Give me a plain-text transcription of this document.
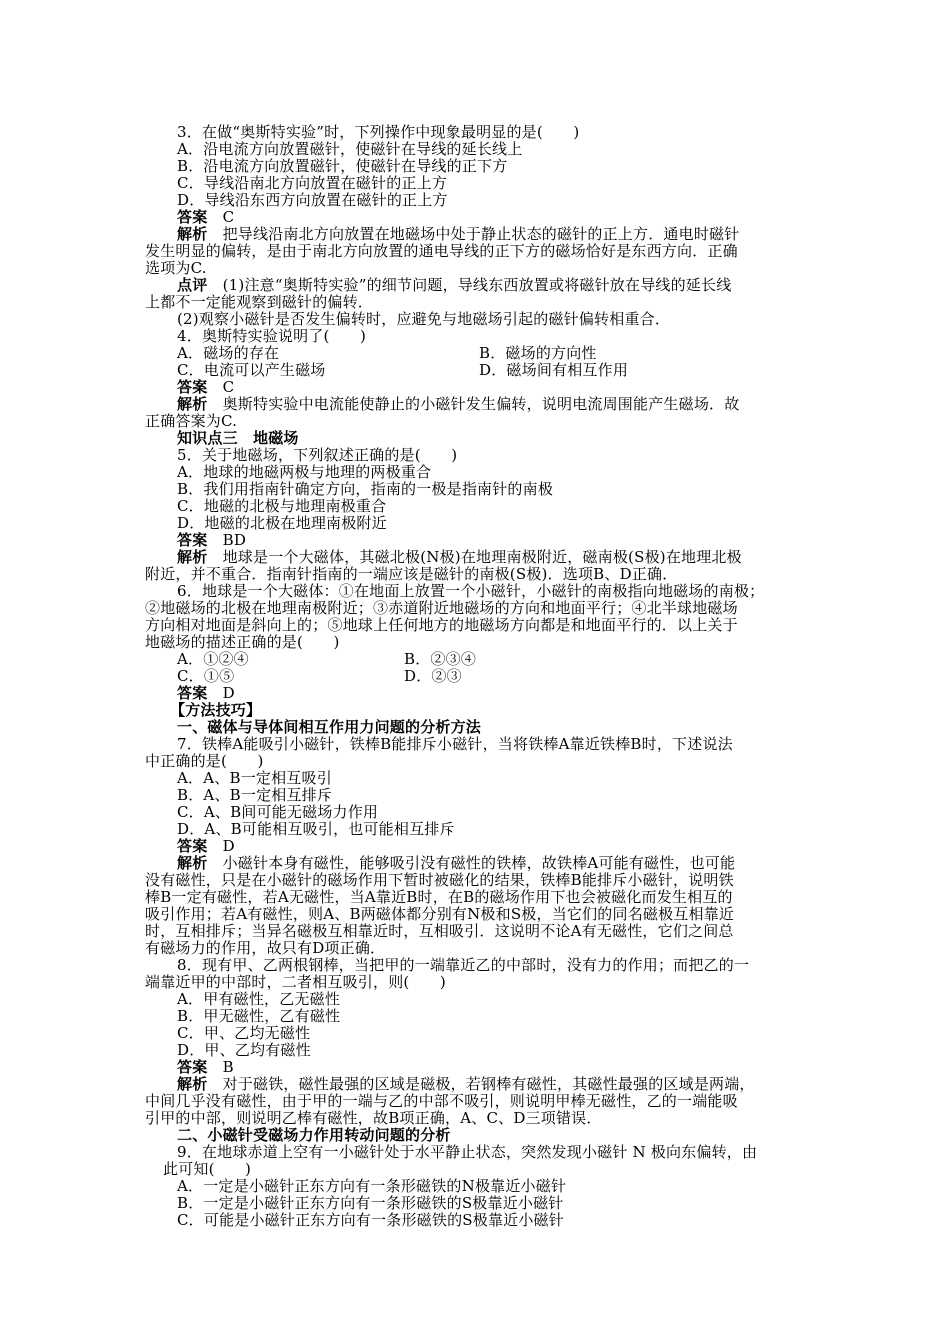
3．在做“奥斯特实验”时，下列操作中现象最明显的是(　　)
A．沿电流方向放置磁针，使磁针在导线的延长线上
B．沿电流方向放置磁针，使磁针在导线的正下方
C．导线沿南北方向放置在磁针的正上方
D．导线沿东西方向放置在磁针的正上方
答案　 C
解析　 把导线沿南北方向放置在地磁场中处于静止状态的磁针的正上方．通电时磁针
发生明显的偏转，是由于南北方向放置的通电导线的正下方的磁场恰好是东西方向．正确
选项为C.
点评　 (1)注意“奥斯特实验”的细节问题，导线东西放置或将磁针放在导线的延长线
上都不一定能观察到磁针的偏转．
(2)观察小磁针是否发生偏转时，应避免与地磁场引起的磁针偏转相重合．
4．奥斯特实验说明了(　　)
A．磁场的存在	B．磁场的方向性
C．电流可以产生磁场	D．磁场间有相互作用
答案　 C
解析　 奥斯特实验中电流能使静止的小磁针发生偏转，说明电流周围能产生磁场．故
正确答案为C.
知识点三　地磁场
5．关于地磁场，下列叙述正确的是(　　)
A．地球的地磁两极与地理的两极重合
B．我们用指南针确定方向，指南的一极是指南针的南极
C．地磁的北极与地理南极重合
D．地磁的北极在地理南极附近
答案　 BD
解析　 地球是一个大磁体，其磁北极(N极)在地理南极附近，磁南极(S极)在地理北极
附近，并不重合．指南针指南的一端应该是磁针的南极(S极)．选项B、D正确．
6．地球是一个大磁体：①在地面上放置一个小磁针，小磁针的南极指向地磁场的南极；
②地磁场的北极在地理南极附近；③赤道附近地磁场的方向和地面平行；④北半球地磁场
方向相对地面是斜向上的；⑤地球上任何地方的地磁场方向都是和地面平行的．以上关于
地磁场的描述正确的是(　　)
A．①②④	B．②③④
C．①⑤	D．②③
答案　 D
【方法技巧】
一、磁体与导体间相互作用力问题的分析方法
7．铁棒A能吸引小磁针，铁棒B能排斥小磁针，当将铁棒A靠近铁棒B时，下述说法
中正确的是(　　)
A．A、B一定相互吸引
B．A、B一定相互排斥
C．A、B间可能无磁场力作用
D．A、B可能相互吸引，也可能相互排斥
答案　 D
解析　 小磁针本身有磁性，能够吸引没有磁性的铁棒，故铁棒A可能有磁性，也可能
没有磁性，只是在小磁针的磁场作用下暂时被磁化的结果，铁棒B能排斥小磁针，说明铁
棒B一定有磁性，若A无磁性，当A靠近B时，在B的磁场作用下也会被磁化而发生相互的
吸引作用；若A有磁性，则A、B两磁体都分别有N极和S极，当它们的同名磁极互相靠近
时，互相排斥；当异名磁极互相靠近时，互相吸引．这说明不论A有无磁性，它们之间总
有磁场力的作用，故只有D项正确．
8．现有甲、乙两根钢棒，当把甲的一端靠近乙的中部时，没有力的作用；而把乙的一
端靠近甲的中部时，二者相互吸引，则(　　)
A．甲有磁性，乙无磁性
B．甲无磁性，乙有磁性
C．甲、乙均无磁性
D．甲、乙均有磁性
答案　 B
解析　 对于磁铁，磁性最强的区域是磁极，若钢棒有磁性，其磁性最强的区域是两端，
中间几乎没有磁性，由于甲的一端与乙的中部不吸引，则说明甲棒无磁性，乙的一端能吸
引甲的中部，则说明乙棒有磁性，故B项正确，A、C、D三项错误．
二、小磁针受磁场力作用转动问题的分析
9．在地球赤道上空有一小磁针处于水平静止状态，突然发现小磁针 N 极向东偏转，由
此可知(　　)
A．一定是小磁针正东方向有一条形磁铁的N极靠近小磁针
B．一定是小磁针正东方向有一条形磁铁的S极靠近小磁针
C．可能是小磁针正东方向有一条形磁铁的S极靠近小磁针
